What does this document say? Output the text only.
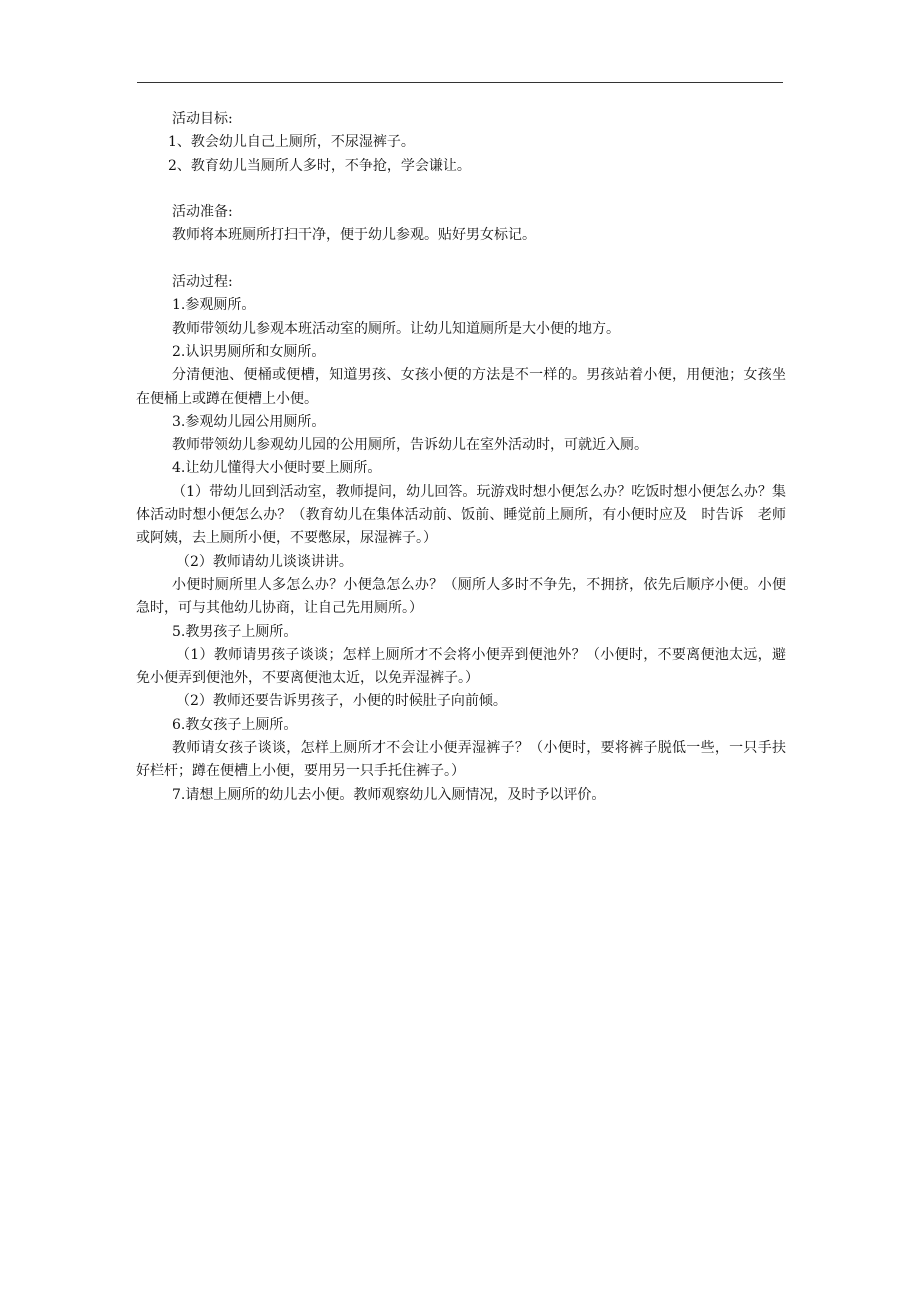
活动目标:
1、教会幼儿自己上厕所，不尿湿裤子。
2、教育幼儿当厕所人多时，不争抢，学会谦让。
活动准备:
教师将本班厕所打扫干净，便于幼儿参观。贴好男女标记。
活动过程:
1.参观厕所。
教师带领幼儿参观本班活动室的厕所。让幼儿知道厕所是大小便的地方。
2.认识男厕所和女厕所。
分清便池、便桶或便槽，知道男孩、女孩小便的方法是不一样的。男孩站着小便，用便池；女孩坐在便桶上或蹲在便槽上小便。
3.参观幼儿园公用厕所。
教师带领幼儿参观幼儿园的公用厕所，告诉幼儿在室外活动时，可就近入厕。
4.让幼儿懂得大小便时要上厕所。
（1）带幼儿回到活动室，教师提问，幼儿回答。玩游戏时想小便怎么办？吃饭时想小便怎么办？集体活动时想小便怎么办？（教育幼儿在集体活动前、饭前、睡觉前上厕所，有小便时应及　时告诉　老师或阿姨，去上厕所小便，不要憋尿，尿湿裤子。）
（2）教师请幼儿谈谈讲讲。
小便时厕所里人多怎么办？小便急怎么办？（厕所人多时不争先，不拥挤，依先后顺序小便。小便急时，可与其他幼儿协商，让自己先用厕所。）
5.教男孩子上厕所。
（1）教师请男孩子谈谈；怎样上厕所才不会将小便弄到便池外？（小便时，不要离便池太远，避免小便弄到便池外，不要离便池太近，以免弄湿裤子。）
（2）教师还要告诉男孩子，小便的时候肚子向前倾。
6.教女孩子上厕所。
教师请女孩子谈谈，怎样上厕所才不会让小便弄湿裤子？（小便时，要将裤子脱低一些，一只手扶好栏杆；蹲在便槽上小便，要用另一只手托住裤子。）
7.请想上厕所的幼儿去小便。教师观察幼儿入厕情况，及时予以评价。
